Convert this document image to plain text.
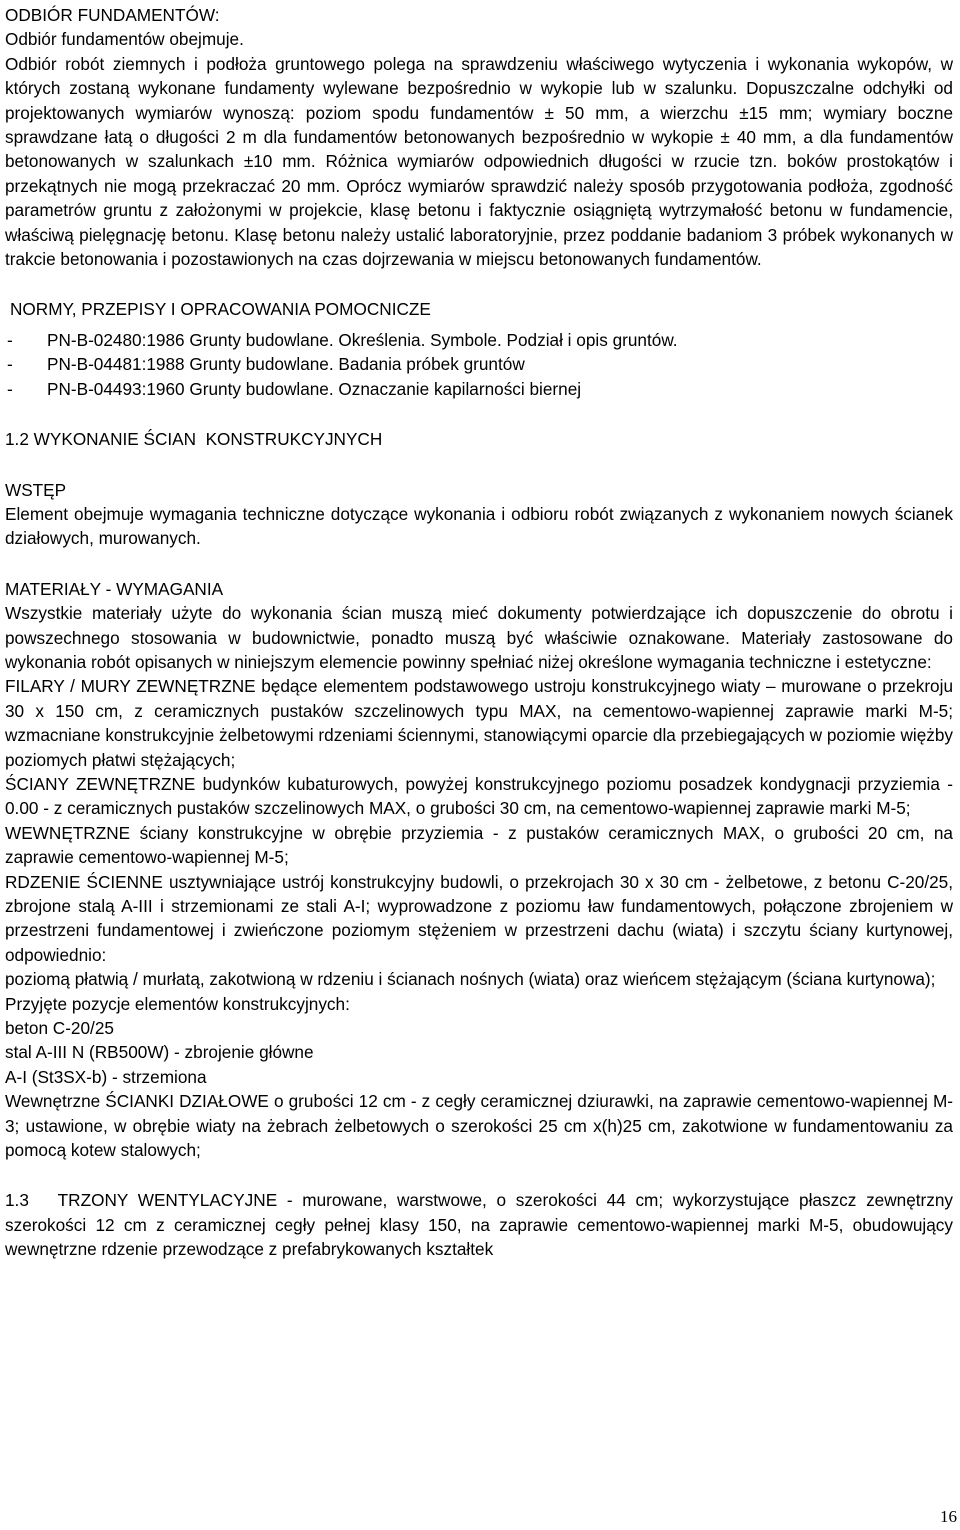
ODBIÓR FUNDAMENTÓW:

Odbiór fundamentów obejmuje.

Odbiór robót ziemnych i podłoża gruntowego polega na sprawdzeniu właściwego wytyczenia i wykonania wykopów, w których zostaną wykonane fundamenty wylewane bezpośrednio w wykopie lub w szalunku. Dopuszczalne odchyłki od projektowanych wymiarów wynoszą: poziom spodu fundamentów ± 50 mm, a wierzchu ±15 mm; wymiary boczne sprawdzane łatą o długości 2 m dla fundamentów betonowanych bezpośrednio w wykopie ± 40 mm, a dla fundamentów betonowanych w szalunkach ±10 mm. Różnica wymiarów odpowiednich długości w rzucie tzn. boków prostokątów i przekątnych nie mogą przekraczać 20 mm. Oprócz wymiarów sprawdzić należy sposób przygotowania podłoża, zgodność parametrów gruntu z założonymi w projekcie, klasę betonu i faktycznie osiągniętą wytrzymałość betonu w fundamencie, właściwą pielęgnację betonu. Klasę betonu należy ustalić laboratoryjnie, przez poddanie badaniom 3 próbek wykonanych w trakcie betonowania i pozostawionych na czas dojrzewania w miejscu betonowanych fundamentów.

NORMY, PRZEPISY I OPRACOWANIA POMOCNICZE

- PN-B-02480:1986 Grunty budowlane. Określenia. Symbole. Podział i opis gruntów.
- PN-B-04481:1988 Grunty budowlane. Badania próbek gruntów
- PN-B-04493:1960 Grunty budowlane. Oznaczanie kapilarności biernej

1.2 WYKONANIE ŚCIAN  KONSTRUKCYJNYCH

WSTĘP

Element obejmuje wymagania techniczne dotyczące wykonania i odbioru robót związanych z wykonaniem nowych ścianek działowych, murowanych.

MATERIAŁY - WYMAGANIA

Wszystkie materiały użyte do wykonania ścian muszą mieć dokumenty potwierdzające ich dopuszczenie do obrotu i powszechnego stosowania w budownictwie, ponadto muszą być właściwie oznakowane. Materiały zastosowane do wykonania robót opisanych w niniejszym elemencie powinny spełniać niżej określone wymagania techniczne i estetyczne:

FILARY / MURY ZEWNĘTRZNE będące elementem podstawowego ustroju konstrukcyjnego wiaty – murowane o przekroju 30 x 150 cm, z ceramicznych pustaków szczelinowych typu MAX, na cementowo-wapiennej zaprawie marki M-5; wzmacniane konstrukcyjnie żelbetowymi rdzeniami ściennymi, stanowiącymi oparcie dla przebiegających w poziomie więżby poziomych płatwi stężających;

ŚCIANY ZEWNĘTRZNE budynków kubaturowych, powyżej konstrukcyjnego poziomu posadzek kondygnacji przyziemia - 0.00 - z ceramicznych pustaków szczelinowych MAX, o grubości 30 cm, na cementowo-wapiennej zaprawie marki M-5;

WEWNĘTRZNE ściany konstrukcyjne w obrębie przyziemia - z pustaków ceramicznych MAX, o grubości 20 cm, na zaprawie cementowo-wapiennej M-5;

RDZENIE ŚCIENNE usztywniające ustrój konstrukcyjny budowli, o przekrojach 30 x 30 cm - żelbetowe, z betonu C-20/25, zbrojone stalą A-III i strzemionami ze stali A-I; wyprowadzone z poziomu ław fundamentowych, połączone zbrojeniem w przestrzeni fundamentowej i zwieńczone poziomym stężeniem w przestrzeni dachu (wiata) i szczytu ściany kurtynowej, odpowiednio:

poziomą płatwią / murłatą, zakotwioną w rdzeniu i ścianach nośnych (wiata) oraz wieńcem stężającym (ściana kurtynowa);

Przyjęte pozycje elementów konstrukcyjnych:

beton C-20/25

stal A-III N (RB500W) - zbrojenie główne

A-I (St3SX-b) - strzemiona

Wewnętrzne ŚCIANKI DZIAŁOWE o grubości 12 cm - z cegły ceramicznej dziurawki, na zaprawie cementowo-wapiennej M-3; ustawione, w obrębie wiaty na żebrach żelbetowych o szerokości 25 cm x(h)25 cm, zakotwione w fundamentowaniu za pomocą kotew stalowych;

1.3   TRZONY WENTYLACYJNE - murowane, warstwowe, o szerokości 44 cm; wykorzystujące płaszcz zewnętrzny szerokości 12 cm z ceramicznej cegły pełnej klasy 150, na zaprawie cementowo-wapiennej marki M-5, obudowujący wewnętrzne rdzenie przewodzące z prefabrykowanych kształtek

16
